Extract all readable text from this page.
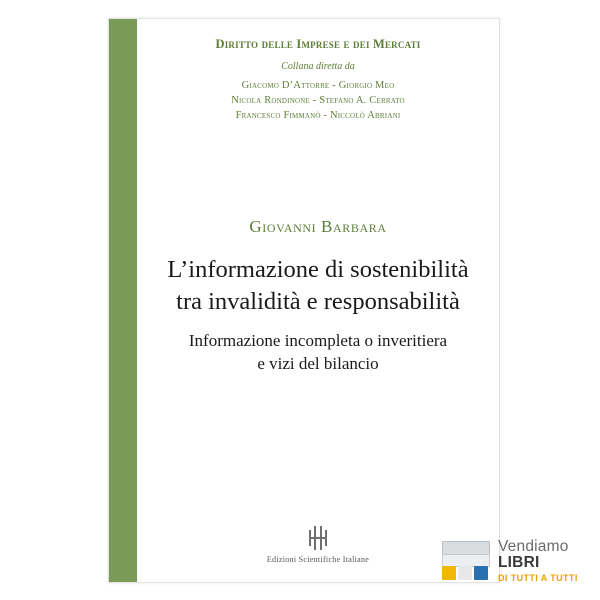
Diritto delle Imprese e dei Mercati
Collana diretta da
Giacomo D’Attorre - Giorgio Meo
Nicola Rondinone - Stefano A. Cerrato
Francesco Fimmanò - Niccolò Abriani
Giovanni Barbara
L’informazione di sostenibilità
tra invalidità e responsabilità
Informazione incompleta o inveritiera
e vizi del bilancio
Edizioni Scientifiche Italiane
Vendiamo LIBRI
DI TUTTI A TUTTI
